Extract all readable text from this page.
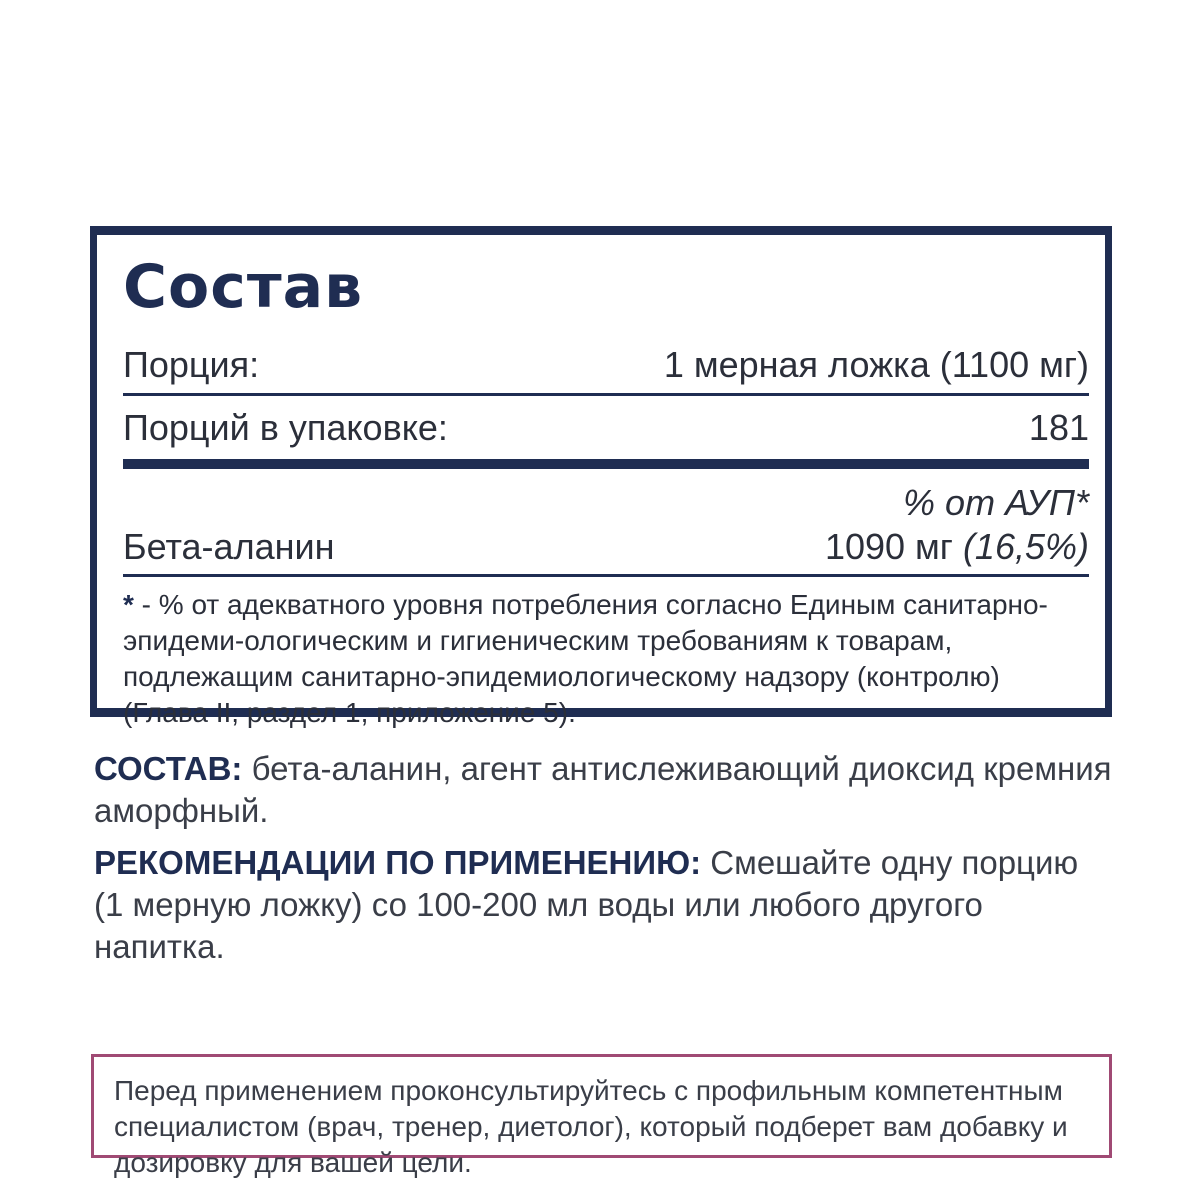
Состав
Порция:	1 мерная ложка (1100 мг)
Порций в упаковке:	181
% от АУП*
Бета-аланин	1090 мг (16,5%)

* - % от адекватного уровня потребления согласно Единым санитарно-эпидеми-ологическим и гигиеническим требованиям к товарам, подлежащим санитарно-эпидемиологическому надзору (контролю) (Глава II, раздел 1, приложение 5).

СОСТАВ: бета-аланин, агент антислеживающий диоксид кремния аморфный.

РЕКОМЕНДАЦИИ ПО ПРИМЕНЕНИЮ: Смешайте одну порцию (1 мерную ложку) со 100-200 мл воды или любого другого напитка.

Перед применением проконсультируйтесь с профильным компетентным специалистом (врач, тренер, диетолог), который подберет вам добавку и дозировку для вашей цели.
